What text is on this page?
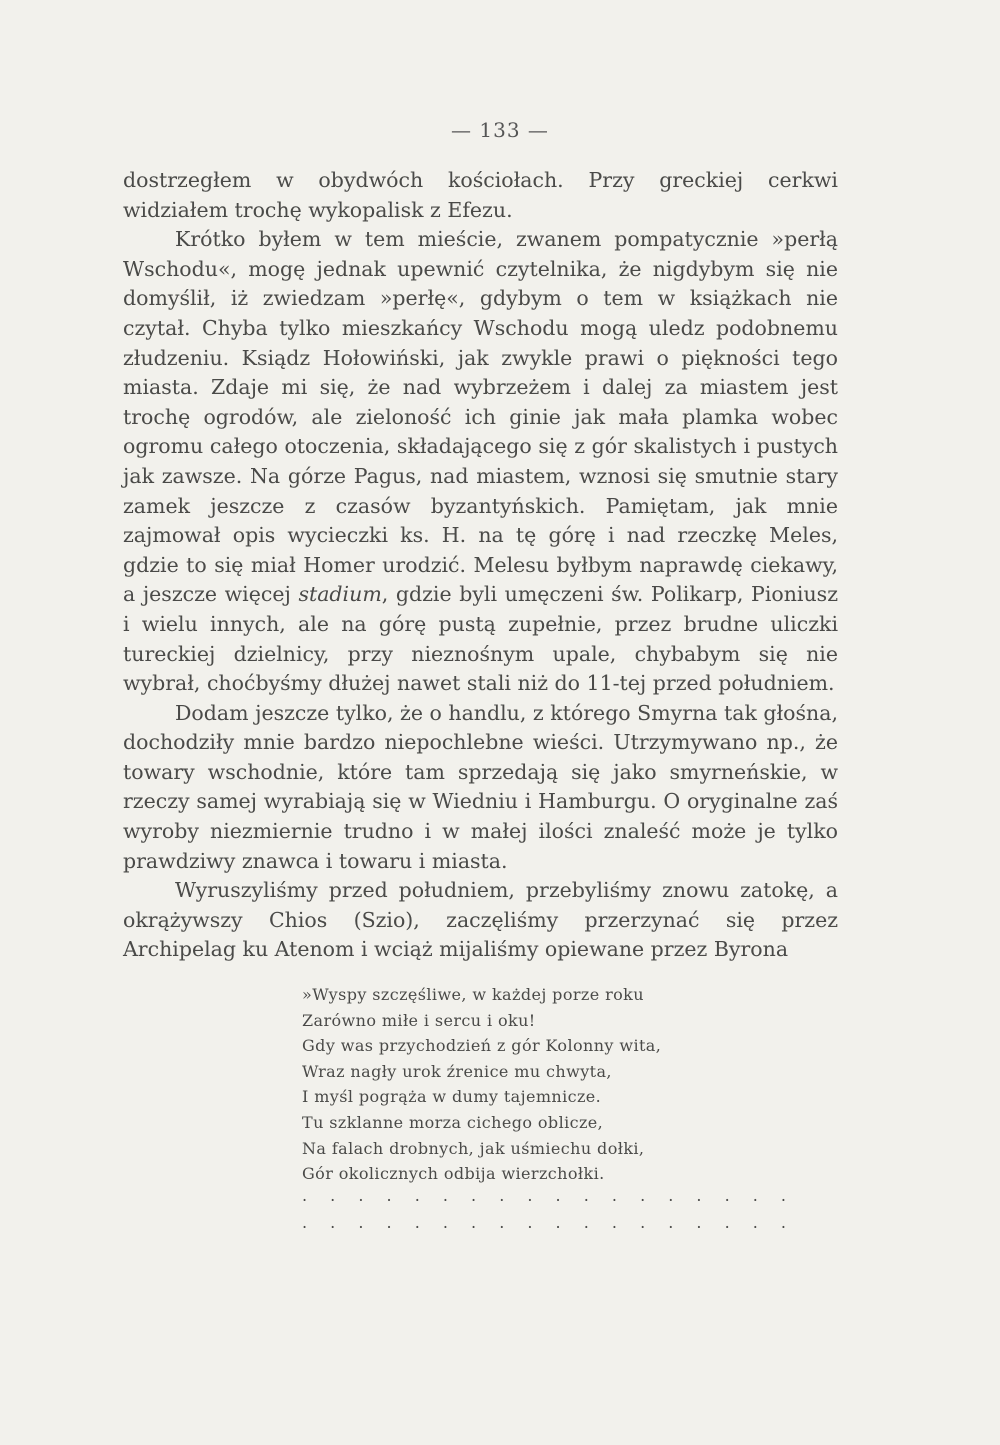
— 133 —

dostrzegłem w obydwóch kościołach. Przy greckiej cerkwi widziałem trochę wykopalisk z Efezu.

Krótko byłem w tem mieście, zwanem pompatycznie »perłą Wschodu«, mogę jednak upewnić czytelnika, że nigdybym się nie domyślił, iż zwiedzam »perłę«, gdybym o tem w książkach nie czytał. Chyba tylko mieszkańcy Wschodu mogą uledz podobnemu złudzeniu. Ksiądz Hołowiński, jak zwykle prawi o piękności tego miasta. Zdaje mi się, że nad wybrzeżem i dalej za miastem jest trochę ogrodów, ale zieloność ich ginie jak mała plamka wobec ogromu całego otoczenia, składającego się z gór skalistych i pustych jak zawsze. Na górze Pagus, nad miastem, wznosi się smutnie stary zamek jeszcze z czasów byzantyńskich. Pamiętam, jak mnie zajmował opis wycieczki ks. H. na tę górę i nad rzeczkę Meles, gdzie to się miał Homer urodzić. Melesu byłbym naprawdę ciekawy, a jeszcze więcej stadium, gdzie byli umęczeni św. Polikarp, Pioniusz i wielu innych, ale na górę pustą zupełnie, przez brudne uliczki tureckiej dzielnicy, przy nieznośnym upale, chybabym się nie wybrał, choćbyśmy dłużej nawet stali niż do 11-tej przed południem.

Dodam jeszcze tylko, że o handlu, z którego Smyrna tak głośna, dochodziły mnie bardzo niepochlebne wieści. Utrzymywano np., że towary wschodnie, które tam sprzedają się jako smyrneńskie, w rzeczy samej wyrabiają się w Wiedniu i Hamburgu. O oryginalne zaś wyroby niezmiernie trudno i w małej ilości znaleść może je tylko prawdziwy znawca i towaru i miasta.

Wyruszyliśmy przed południem, przebyliśmy znowu zatokę, a okrążywszy Chios (Szio), zaczęliśmy przerzynać się przez Archipelag ku Atenom i wciąż mijaliśmy opiewane przez Byrona

»Wyspy szczęśliwe, w każdej porze roku
Zarówno miłe i sercu i oku!
Gdy was przychodzień z gór Kolonny wita,
Wraz nagły urok źrenice mu chwyta,
I myśl pogrąża w dumy tajemnicze.
Tu szklanne morza cichego oblicze,
Na falach drobnych, jak uśmiechu dołki,
Gór okolicznych odbija wierzchołki.
. . . . . . . . . . . . . . . . . .
. . . . . . . . . . . . . . . . . .
